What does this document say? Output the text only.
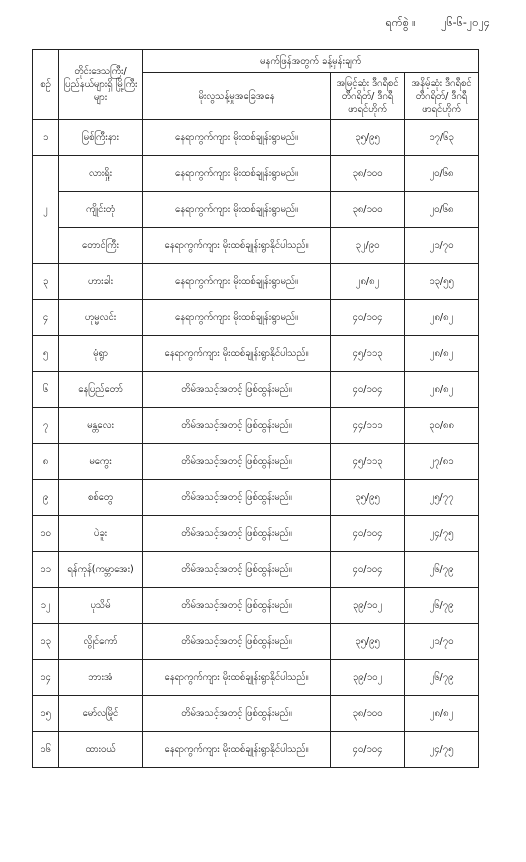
ရက်စွဲ ။ ၂၆-၆-၂၀၂၄
စဉ်	တိုင်းဒေသကြီး/ ပြည်နယ်များရှိ မြို့ကြီးများ	မနက်ဖြန်အတွက် ခန့်မှန်းချက်		
		မိုးလွသန့်မှုအခြေအနေ	အမြင့်ဆုံး ဒီဂရီစင်တီဂရိတ်/ ဒီဂရီဖာရင်ဟိုက်	အနိမ့်ဆုံး ဒီဂရီစင်တီဂရိတ်/ ဒီဂရီဖာရင်ဟိုက်
၁	မြစ်ကြီးနား	နေရာကွက်ကျား မိုးထစ်ချုန်းရွာမည်။	၃၅/၉၅	၁၇/၆၃
၂	လားရှိုး	နေရာကွက်ကျား မိုးထစ်ချုန်းရွာမည်။	၃၈/၁၀၀	၂၀/၆၈
	ကျိုင်းတုံ	နေရာကွက်ကျား မိုးထစ်ချုန်းရွာမည်။	၃၈/၁၀၀	၂၀/၆၈
	တောင်ကြီး	နေရာကွက်ကျား မိုးထစ်ချုန်းရွာနိုင်ပါသည်။	၃၂/၉၀	၂၁/၇၀
၃	ဟားခါး	နေရာကွက်ကျား မိုးထစ်ချုန်းရွာမည်။	၂၈/၈၂	၁၃/၅၅
၄	ဟုမ္မလင်း	နေရာကွက်ကျား မိုးထစ်ချုန်းရွာမည်။	၄၀/၁၀၄	၂၈/၈၂
၅	မုံရွာ	နေရာကွက်ကျား မိုးထစ်ချုန်းရွာနိုင်ပါသည်။	၄၅/၁၁၃	၂၈/၈၂
၆	နေပြည်တော်	တိမ်အသင့်အတင့် ဖြစ်ထွန်းမည်။	၄၀/၁၀၄	၂၈/၈၂
၇	မန္တလေး	တိမ်အသင့်အတင့် ဖြစ်ထွန်းမည်။	၄၄/၁၁၁	၃၀/၈၈
၈	မကွေး	တိမ်အသင့်အတင့် ဖြစ်ထွန်းမည်။	၄၅/၁၁၃	၂၇/၈၁
၉	စစ်တွေ	တိမ်အသင့်အတင့် ဖြစ်ထွန်းမည်။	၃၅/၉၅	၂၅/၇၇
၁၀	ပဲခူး	တိမ်အသင့်အတင့် ဖြစ်ထွန်းမည်။	၄၀/၁၀၄	၂၄/၇၅
၁၁	ရန်ကုန်(ကမ္ဘာအေး)	တိမ်အသင့်အတင့် ဖြစ်ထွန်းမည်။	၄၀/၁၀၄	၂၆/၇၉
၁၂	ပုသိမ်	တိမ်အသင့်အတင့် ဖြစ်ထွန်းမည်။	၃၉/၁၀၂	၂၆/၇၉
၁၃	လွိုင်ကော်	တိမ်အသင့်အတင့် ဖြစ်ထွန်းမည်။	၃၅/၉၅	၂၁/၇၀
၁၄	ဘားအံ	နေရာကွက်ကျား မိုးထစ်ချုန်းရွာနိုင်ပါသည်။	၃၉/၁၀၂	၂၆/၇၉
၁၅	မော်လမြိုင်	တိမ်အသင့်အတင့် ဖြစ်ထွန်းမည်။	၃၈/၁၀၀	၂၈/၈၂
၁၆	ထားဝယ်	နေရာကွက်ကျား မိုးထစ်ချုန်းရွာနိုင်ပါသည်။	၄၀/၁၀၄	၂၄/၇၅
